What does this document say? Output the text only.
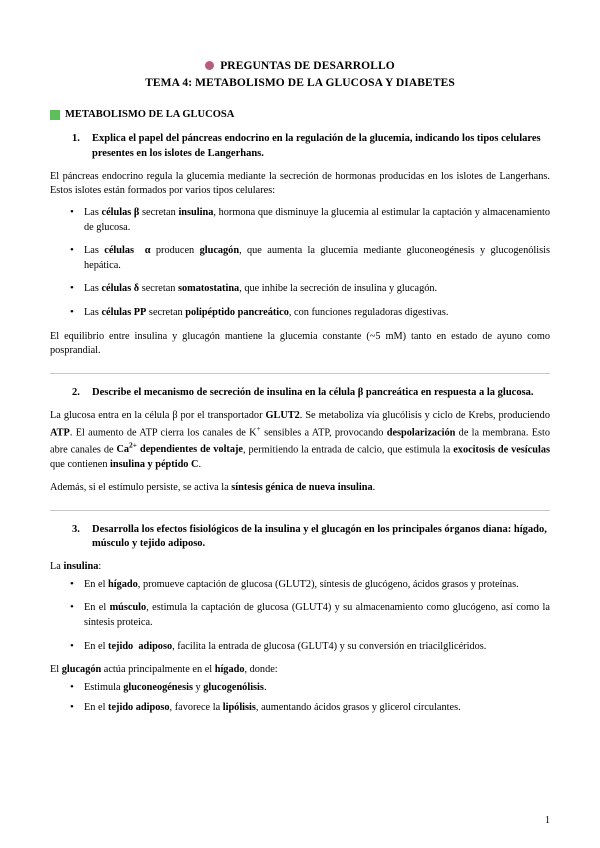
PREGUNTAS DE DESARROLLO
TEMA 4: METABOLISMO DE LA GLUCOSA Y DIABETES
METABOLISMO DE LA GLUCOSA
1.	Explica el papel del páncreas endocrino en la regulación de la glucemia, indicando los tipos celulares presentes en los islotes de Langerhans.

El páncreas endocrino regula la glucemia mediante la secreción de hormonas producidas en los islotes de Langerhans. Estos islotes están formados por varios tipos celulares:

• Las células β secretan insulina, hormona que disminuye la glucemia al estimular la captación y almacenamiento de glucosa.
• Las células  α producen glucagón, que aumenta la glucemia mediante gluconeogénesis y glucogenólisis hepática.
• Las células δ secretan somatostatina, que inhibe la secreción de insulina y glucagón.
• Las células PP secretan polipéptido pancreático, con funciones reguladoras digestivas.

El equilibrio entre insulina y glucagón mantiene la glucemia constante (~5 mM) tanto en estado de ayuno como posprandial.

2.	Describe el mecanismo de secreción de insulina en la célula β pancreática en respuesta a la glucosa.

La glucosa entra en la célula β por el transportador GLUT2. Se metaboliza vía glucólisis y ciclo de Krebs, produciendo ATP. El aumento de ATP cierra los canales de K+ sensibles a ATP, provocando despolarización de la membrana. Esto abre canales de $Ca^{2+}$ dependientes de voltaje, permitiendo la entrada de calcio, que estimula la exocitosis de vesículas que contienen insulina y péptido C.

Además, si el estímulo persiste, se activa la síntesis génica de nueva insulina.

3.	Desarrolla los efectos fisiológicos de la insulina y el glucagón en los principales órganos diana: hígado, músculo y tejido adiposo.

La insulina:

• En el hígado, promueve captación de glucosa (GLUT2), síntesis de glucógeno, ácidos grasos y proteínas.
• En el músculo, estimula la captación de glucosa (GLUT4) y su almacenamiento como glucógeno, así como la síntesis proteica.
• En el tejido  adiposo, facilita la entrada de glucosa (GLUT4) y su conversión en triacilglicéridos.

El glucagón actúa principalmente en el hígado, donde:

• Estimula gluconeogénesis y glucogenólisis.
• En el tejido adiposo, favorece la lipólisis, aumentando ácidos grasos y glicerol circulantes.
1
